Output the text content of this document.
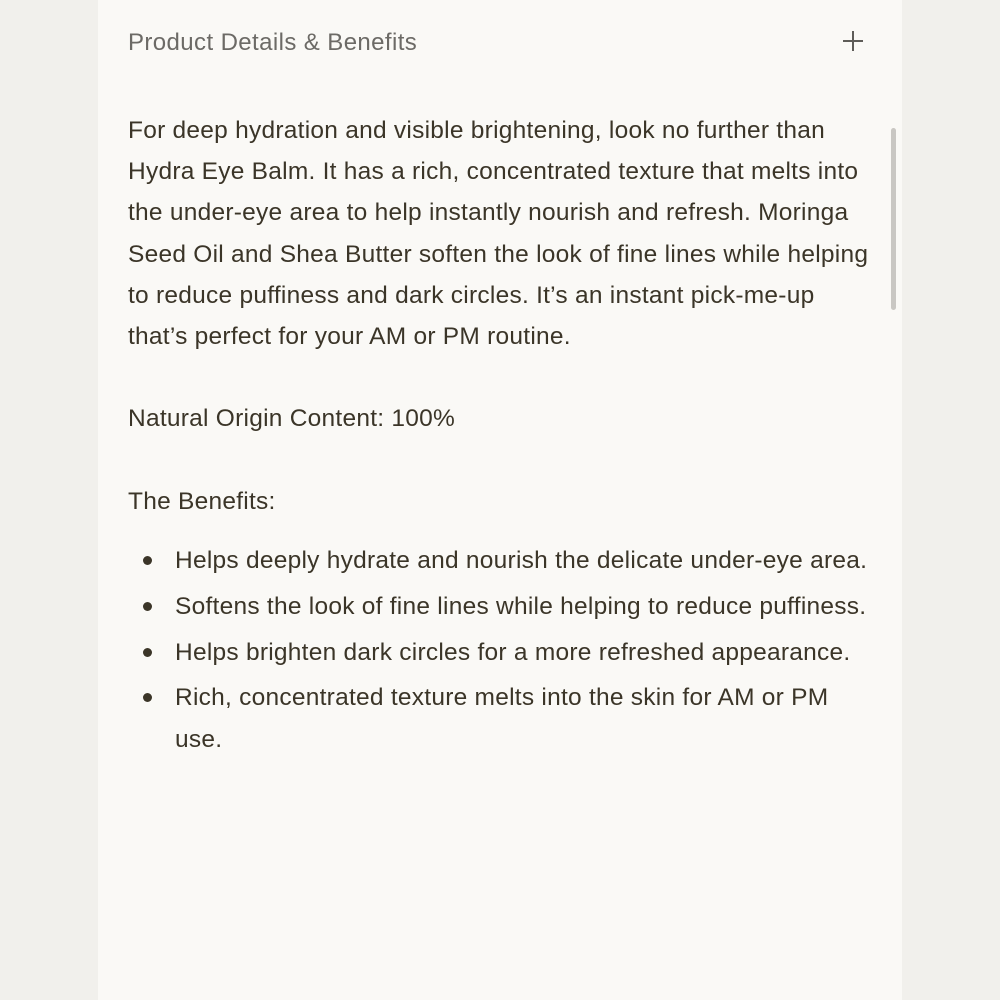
Product Details & Benefits

For deep hydration and visible brightening, look no further than Hydra Eye Balm. It has a rich, concentrated texture that melts into the under-eye area to help instantly nourish and refresh. Moringa Seed Oil and Shea Butter soften the look of fine lines while helping to reduce puffiness and dark circles. It’s an instant pick-me-up that’s perfect for your AM or PM routine.

Natural Origin Content: 100%

The Benefits:

Helps deeply hydrate and nourish the delicate under-eye area.
Softens the look of fine lines while helping to reduce puffiness.
Helps brighten dark circles for a more refreshed appearance.
Rich, concentrated texture melts into the skin for AM or PM use.
